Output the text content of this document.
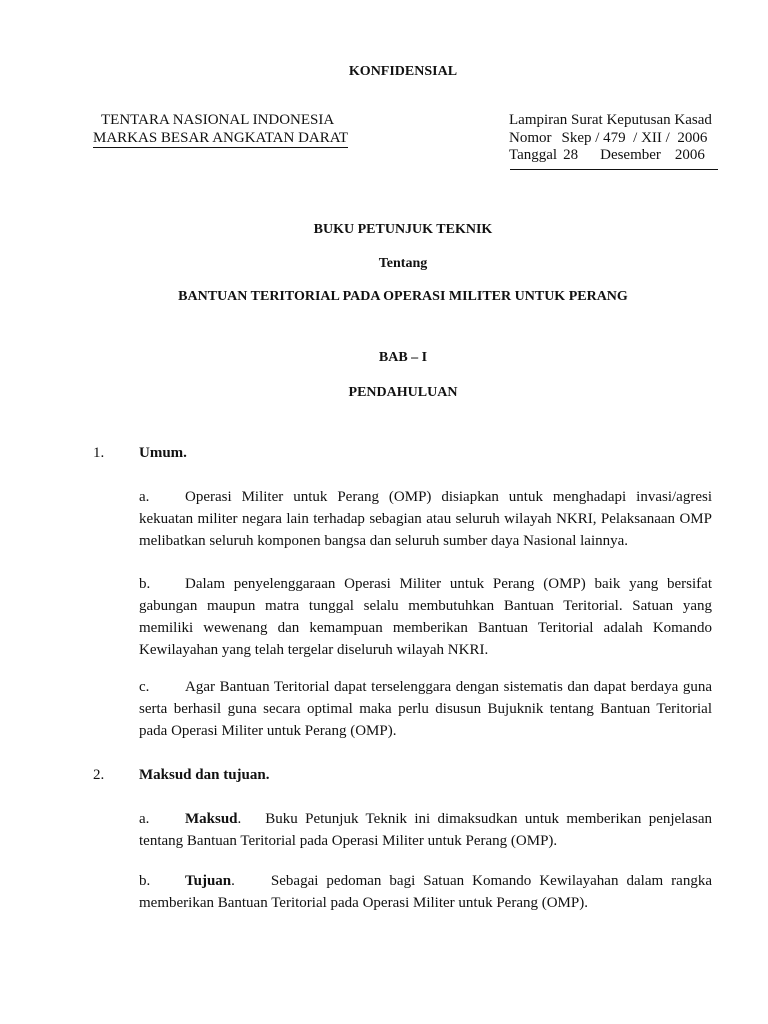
KONFIDENSIAL
TENTARA NASIONAL INDONESIA
MARKAS BESAR ANGKATAN DARAT
Lampiran Surat Keputusan Kasad
Nomor Skep / 479  / XII /  2006
Tanggal 28 Desember 2006
BUKU PETUNJUK TEKNIK
Tentang
BANTUAN TERITORIAL PADA OPERASI MILITER UNTUK PERANG
BAB – I
PENDAHULUAN
1. Umum.
a. Operasi Militer untuk Perang (OMP) disiapkan untuk menghadapi invasi/agresi kekuatan militer negara lain terhadap sebagian atau seluruh wilayah NKRI, Pelaksanaan OMP melibatkan seluruh komponen bangsa dan seluruh sumber daya Nasional lainnya.
b. Dalam penyelenggaraan Operasi Militer untuk Perang (OMP) baik yang bersifat gabungan maupun matra tunggal selalu membutuhkan Bantuan Teritorial. Satuan yang memiliki wewenang dan kemampuan memberikan Bantuan Teritorial adalah Komando Kewilayahan yang telah tergelar diseluruh wilayah NKRI.
c. Agar Bantuan Teritorial dapat terselenggara dengan sistematis dan dapat berdaya guna serta berhasil guna secara optimal maka perlu disusun Bujuknik tentang Bantuan Teritorial pada Operasi Militer untuk Perang (OMP).
2. Maksud dan tujuan.
a. Maksud. Buku Petunjuk Teknik ini dimaksudkan untuk memberikan penjelasan tentang Bantuan Teritorial pada Operasi Militer untuk Perang (OMP).
b. Tujuan. Sebagai pedoman bagi Satuan Komando Kewilayahan dalam rangka memberikan Bantuan Teritorial pada Operasi Militer untuk Perang (OMP).
